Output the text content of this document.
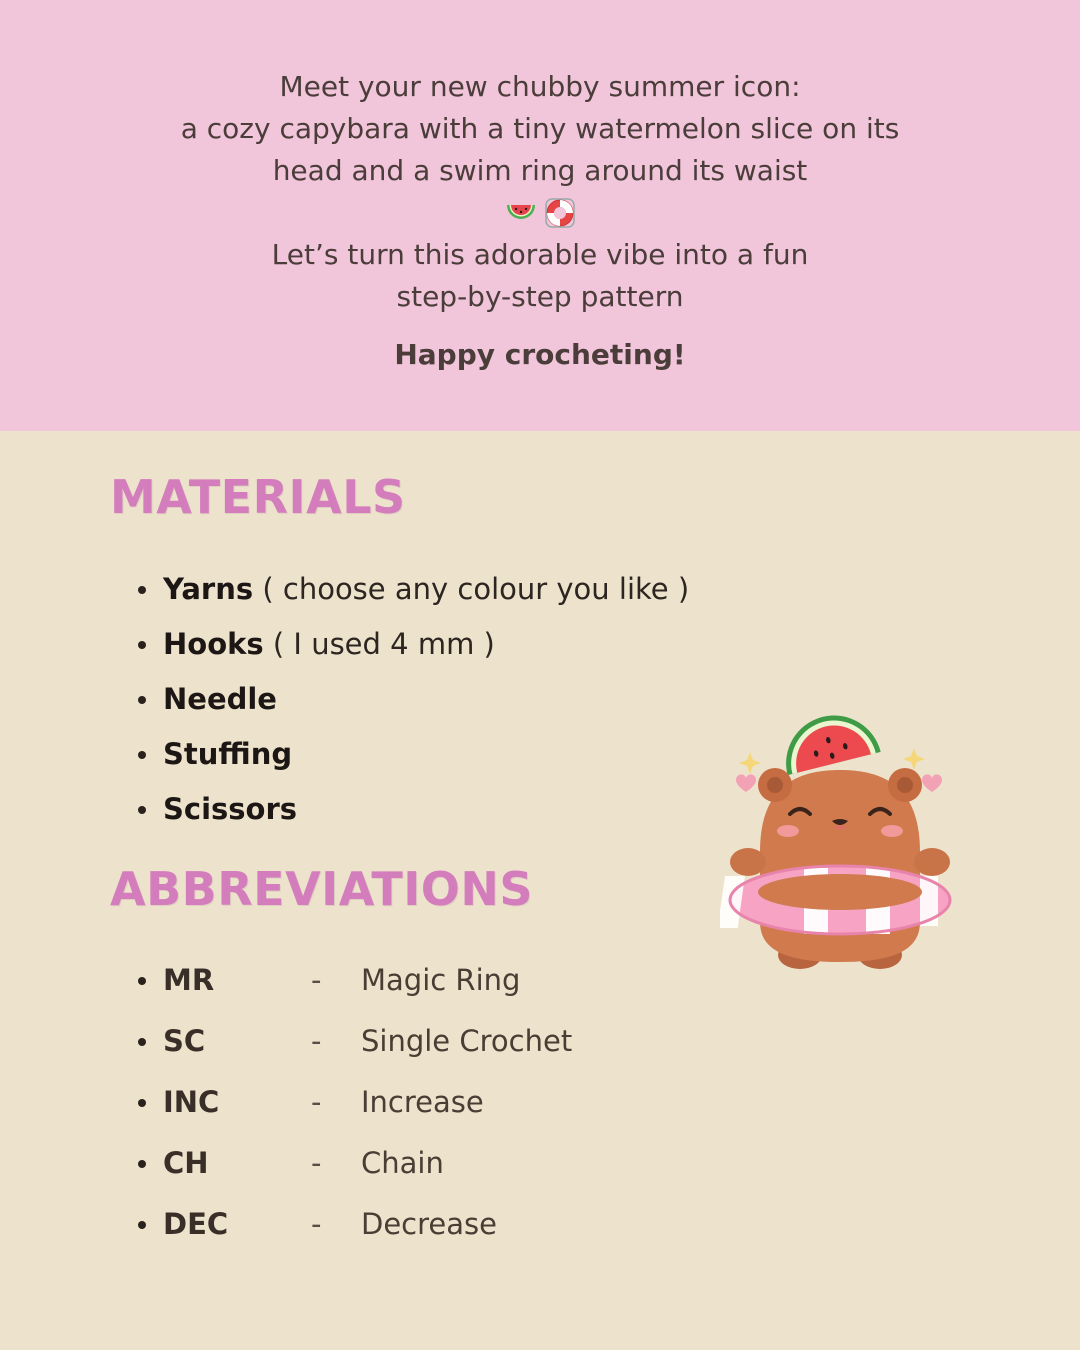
Meet your new chubby summer icon:
a cozy capybara with a tiny watermelon slice on its
head and a swim ring around its waist
Let’s turn this adorable vibe into a fun
step-by-step pattern
Happy crocheting!
MATERIALS
Yarns ( choose any colour you like )
Hooks ( I used 4 mm )
Needle
Stuffing
Scissors
ABBREVIATIONS
MR	- Magic Ring
SC	- Single Crochet
INC	- Increase
CH	- Chain
DEC	- Decrease
